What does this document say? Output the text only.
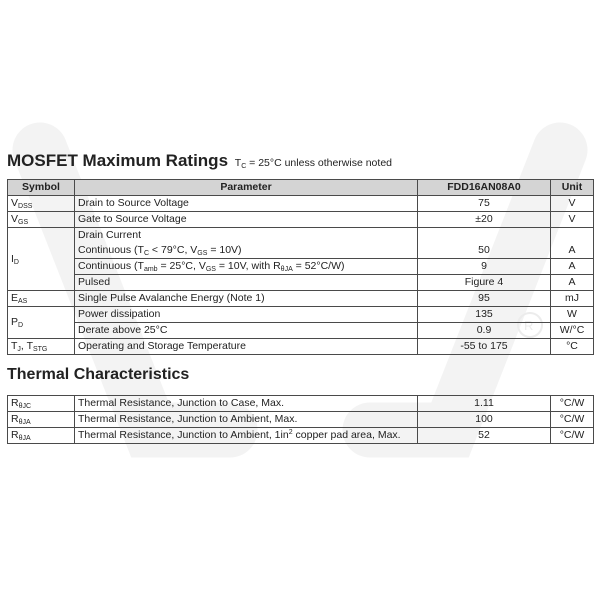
R
MOSFET Maximum Ratings $T_C = 25^\circ C$ unless otherwise noted
Symbol	Parameter	FDD16AN08A0	Unit
$V_{DSS}$	Drain to Source Voltage	75	V
$V_{GS}$	Gate to Source Voltage	±20	V
$I_D$	Drain Current		
	Continuous ($T_C < 79^\circ C$, $V_{GS} = 10V$)	50	A
	Continuous ($T_{amb} = 25^\circ C$, $V_{GS} = 10V$, with $R_{\theta JA} = 52^\circ C/W$)	9	A
	Pulsed	Figure 4	A
$E_{AS}$	Single Pulse Avalanche Energy (Note 1)	95	mJ
$P_D$	Power dissipation	135	W
	Derate above 25°C	0.9	W/°C
$T_J$, $T_{STG}$	Operating and Storage Temperature	-55 to 175	°C
Thermal Characteristics
$R_{\theta JC}$	Thermal Resistance, Junction to Case, Max.	1.11	°C/W
$R_{\theta JA}$	Thermal Resistance, Junction to Ambient, Max.	100	°C/W
$R_{\theta JA}$	Thermal Resistance, Junction to Ambient, $1in^2$ copper pad area, Max.	52	°C/W
